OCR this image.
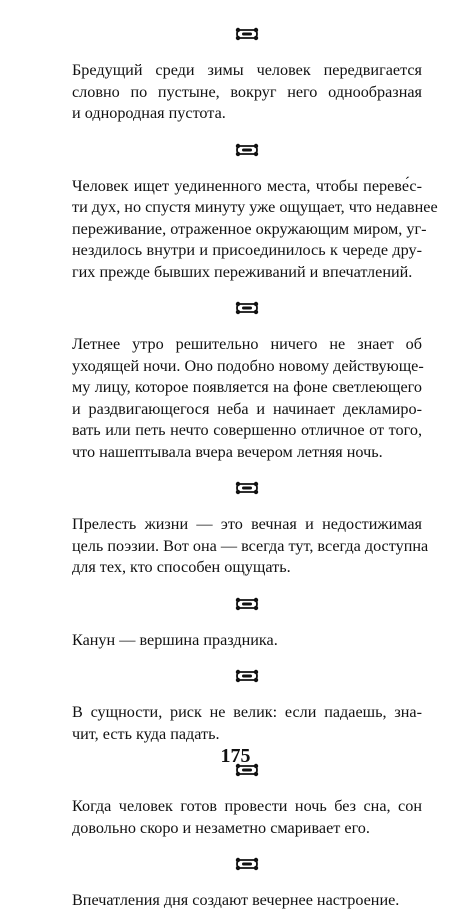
Бредущий среди зимы человек передвигается
словно по пустыне, вокруг него однообразная
и однородная пустота.

Человек ищет уединенного места, чтобы переве́с-
ти дух, но спустя минуту уже ощущает, что недавнее
переживание, отраженное окружающим миром, уг-
нездилось внутри и присоединилось к череде дру-
гих прежде бывших переживаний и впечатлений.

Летнее утро решительно ничего не знает об
уходящей ночи. Оно подобно новому действующе-
му лицу, которое появляется на фоне светлеющего
и раздвигающегося неба и начинает декламиро-
вать или петь нечто совершенно отличное от того,
что нашептывала вчера вечером летняя ночь.

Прелесть жизни — это вечная и недостижимая
цель поэзии. Вот она — всегда тут, всегда доступна
для тех, кто способен ощущать.

Канун — вершина праздника.

В сущности, риск не велик: если падаешь, зна-
чит, есть куда падать.

Когда человек готов провести ночь без сна, сон
довольно скоро и незаметно смаривает его.

Впечатления дня создают вечернее настроение.

175
